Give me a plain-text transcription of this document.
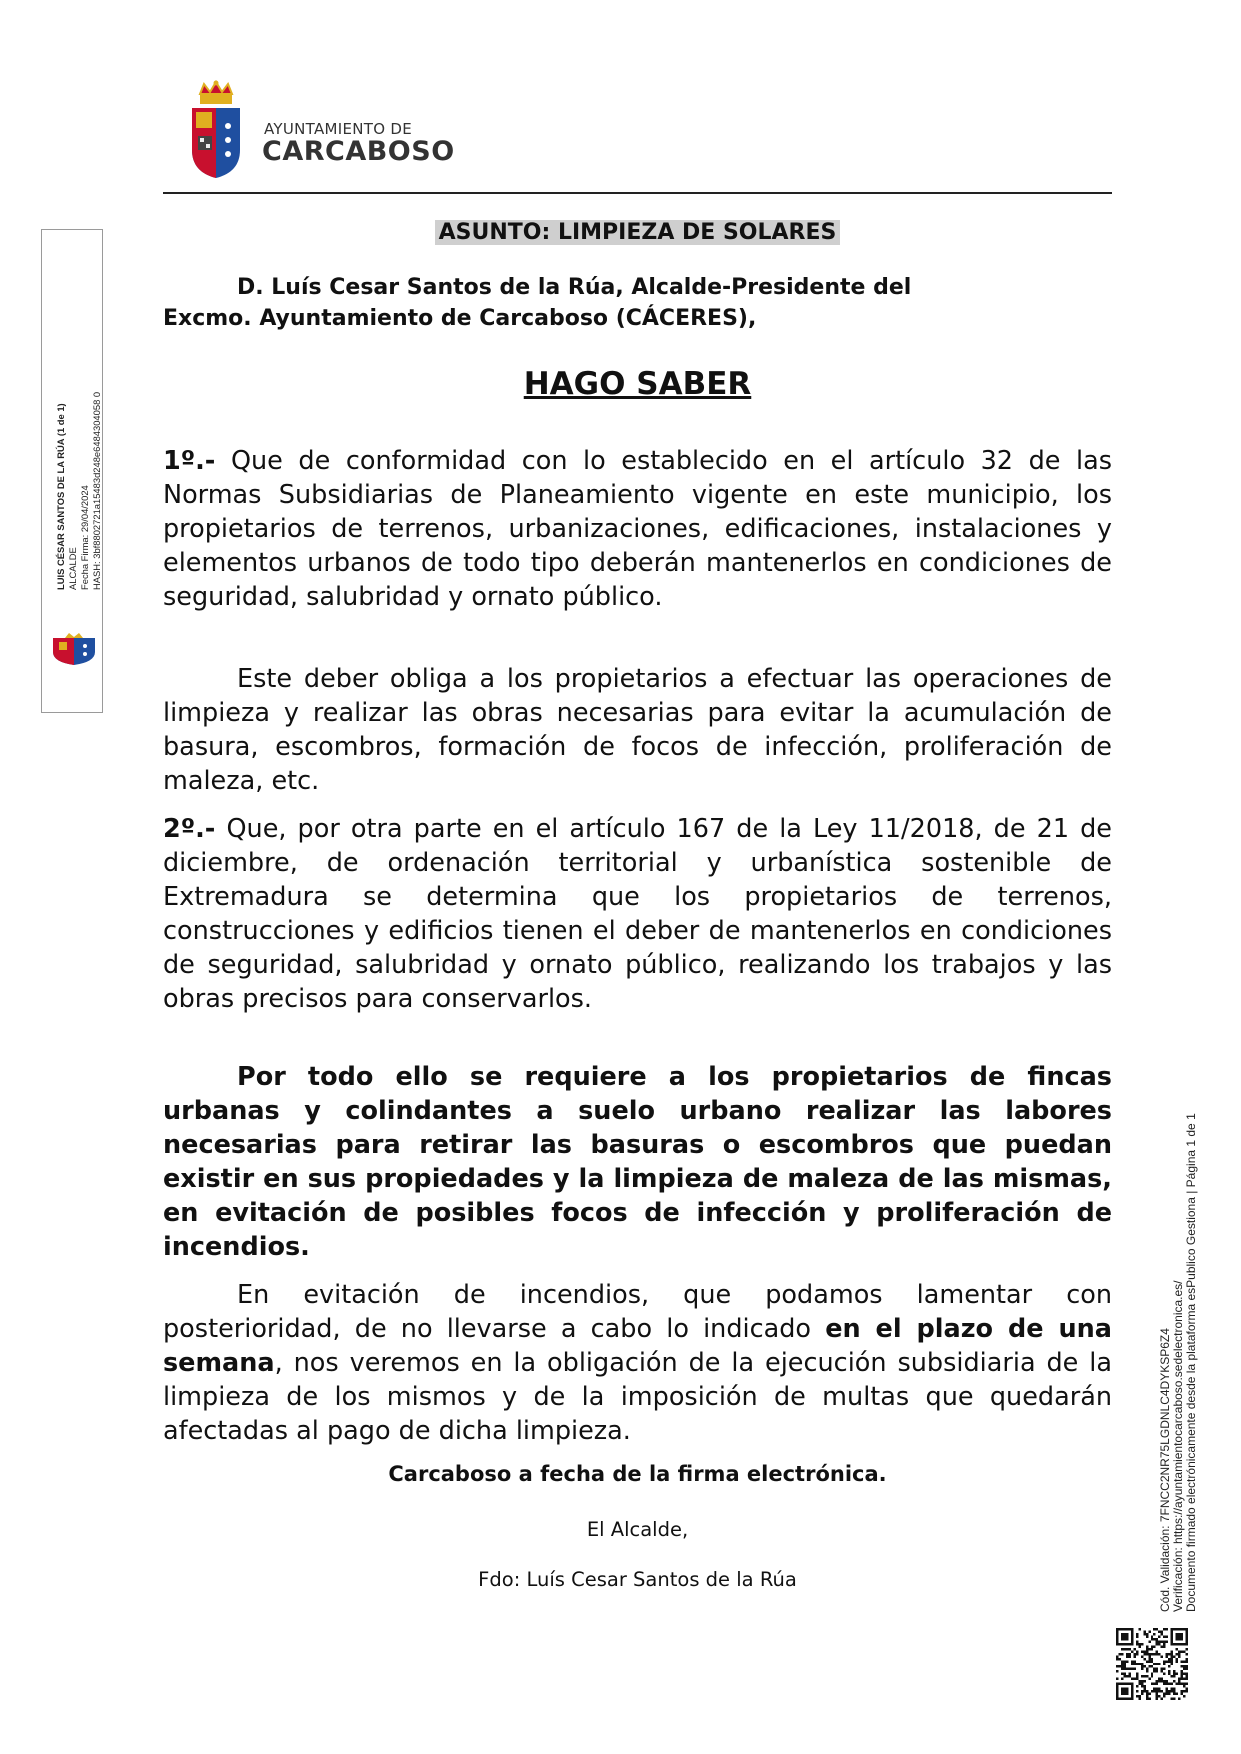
AYUNTAMIENTO DE
CARCABOSO
LUIS CÉSAR SANTOS DE LA RÚA (1 de 1) ALCALDE Fecha Firma: 29/04/2024 HASH: 3bf8802721a15483d248e6484304058 0
Cód. Validación: 7FNCC2NR75LGDNLC4DYKSP6Z4 Verificación: https://ayuntamientocarcaboso.sedelectronica.es/ Documento firmado electrónicamente desde la plataforma esPublico Gestiona | Página 1 de 1
ASUNTO: LIMPIEZA DE SOLARES
D. Luís Cesar Santos de la Rúa, Alcalde-Presidente del
Excmo. Ayuntamiento de Carcaboso (CÁCERES),
HAGO SABER

1º.- Que de conformidad con lo establecido en el artículo 32 de las Normas Subsidiarias de Planeamiento vigente en este municipio, los propietarios de terrenos, urbanizaciones, edificaciones, instalaciones y elementos urbanos de todo tipo deberán mantenerlos en condiciones de seguridad, salubridad y ornato público.

Este deber obliga a los propietarios a efectuar las operaciones de limpieza y realizar las obras necesarias para evitar la acumulación de basura, escombros, formación de focos de infección, proliferación de maleza, etc.

2º.- Que, por otra parte en el artículo 167 de la Ley 11/2018, de 21 de diciembre, de ordenación territorial y urbanística sostenible de Extremadura se determina que los propietarios de terrenos, construcciones y edificios tienen el deber de mantenerlos en condiciones de seguridad, salubridad y ornato público, realizando los trabajos y las obras precisos para conservarlos.

Por todo ello se requiere a los propietarios de fincas urbanas y colindantes a suelo urbano realizar las labores necesarias para retirar las basuras o escombros que puedan existir en sus propiedades y la limpieza de maleza de las mismas, en evitación de posibles focos de infección y proliferación de incendios.

En evitación de incendios, que podamos lamentar con posterioridad, de no llevarse a cabo lo indicado en el plazo de una semana, nos veremos en la obligación de la ejecución subsidiaria de la limpieza de los mismos y de la imposición de multas que quedarán afectadas al pago de dicha limpieza.

Carcaboso a fecha de la firma electrónica.
El Alcalde,
Fdo: Luís Cesar Santos de la Rúa
